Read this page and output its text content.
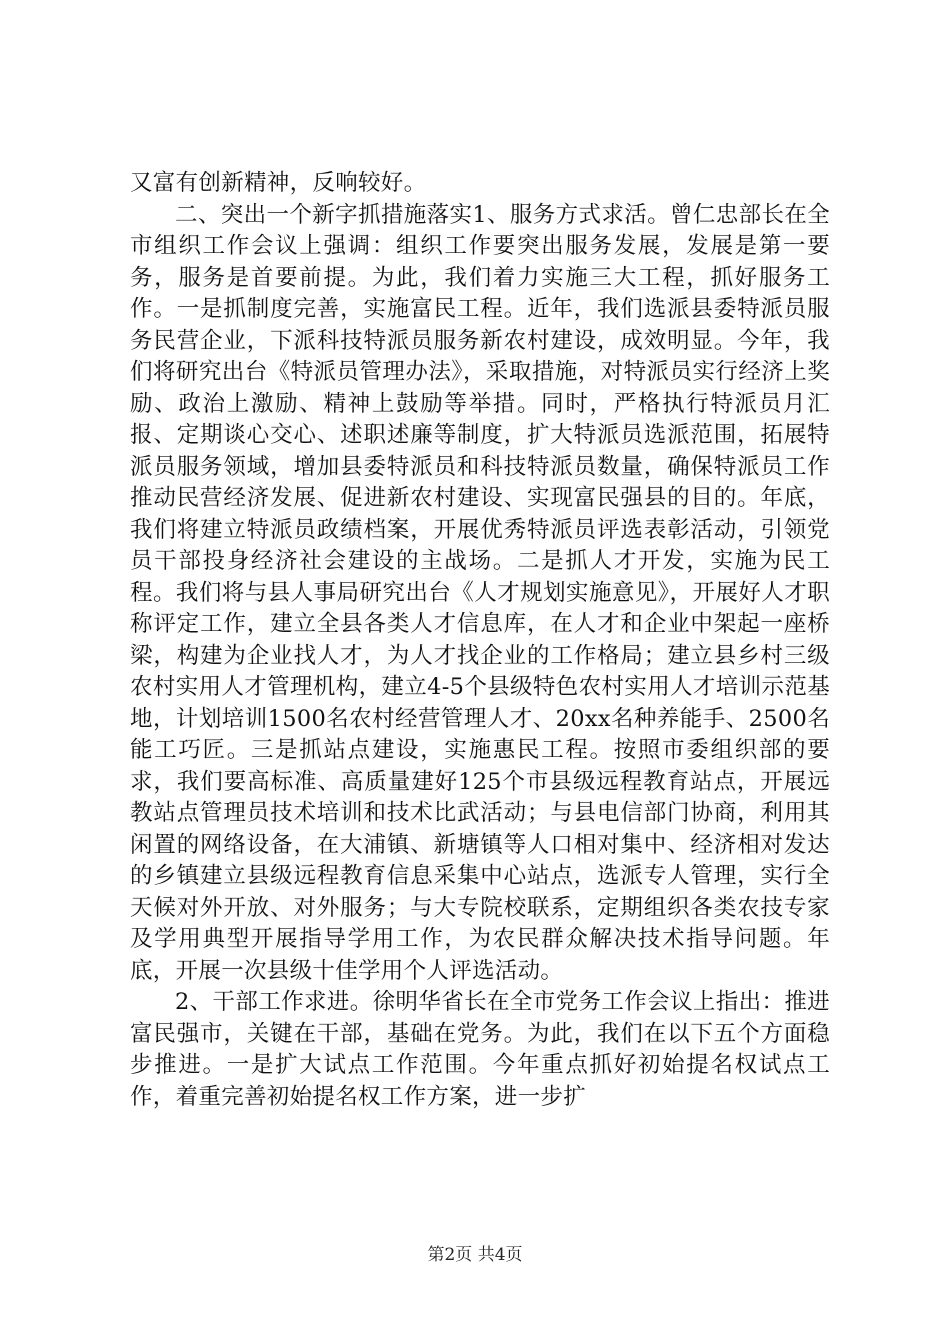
又富有创新精神，反响较好。

二、突出一个新字抓措施落实1、服务方式求活。曾仁忠部长在全市组织工作会议上强调：组织工作要突出服务发展，发展是第一要务，服务是首要前提。为此，我们着力实施三大工程，抓好服务工作。一是抓制度完善，实施富民工程。近年，我们选派县委特派员服务民营企业，下派科技特派员服务新农村建设，成效明显。今年，我们将研究出台《特派员管理办法》，采取措施，对特派员实行经济上奖励、政治上激励、精神上鼓励等举措。同时，严格执行特派员月汇报、定期谈心交心、述职述廉等制度，扩大特派员选派范围，拓展特派员服务领域，增加县委特派员和科技特派员数量，确保特派员工作推动民营经济发展、促进新农村建设、实现富民强县的目的。年底，我们将建立特派员政绩档案，开展优秀特派员评选表彰活动，引领党员干部投身经济社会建设的主战场。二是抓人才开发，实施为民工程。我们将与县人事局研究出台《人才规划实施意见》，开展好人才职称评定工作，建立全县各类人才信息库，在人才和企业中架起一座桥梁，构建为企业找人才，为人才找企业的工作格局；建立县乡村三级农村实用人才管理机构，建立4-5个县级特色农村实用人才培训示范基地，计划培训1500名农村经营管理人才、20xx名种养能手、2500名能工巧匠。三是抓站点建设，实施惠民工程。按照市委组织部的要求，我们要高标准、高质量建好125个市县级远程教育站点，开展远教站点管理员技术培训和技术比武活动；与县电信部门协商，利用其闲置的网络设备，在大浦镇、新塘镇等人口相对集中、经济相对发达的乡镇建立县级远程教育信息采集中心站点，选派专人管理，实行全天候对外开放、对外服务；与大专院校联系，定期组织各类农技专家及学用典型开展指导学用工作，为农民群众解决技术指导问题。年底，开展一次县级十佳学用个人评选活动。

2、干部工作求进。徐明华省长在全市党务工作会议上指出：推进富民强市，关键在干部，基础在党务。为此，我们在以下五个方面稳步推进。一是扩大试点工作范围。今年重点抓好初始提名权试点工作，着重完善初始提名权工作方案，进一步扩

第2页 共4页
